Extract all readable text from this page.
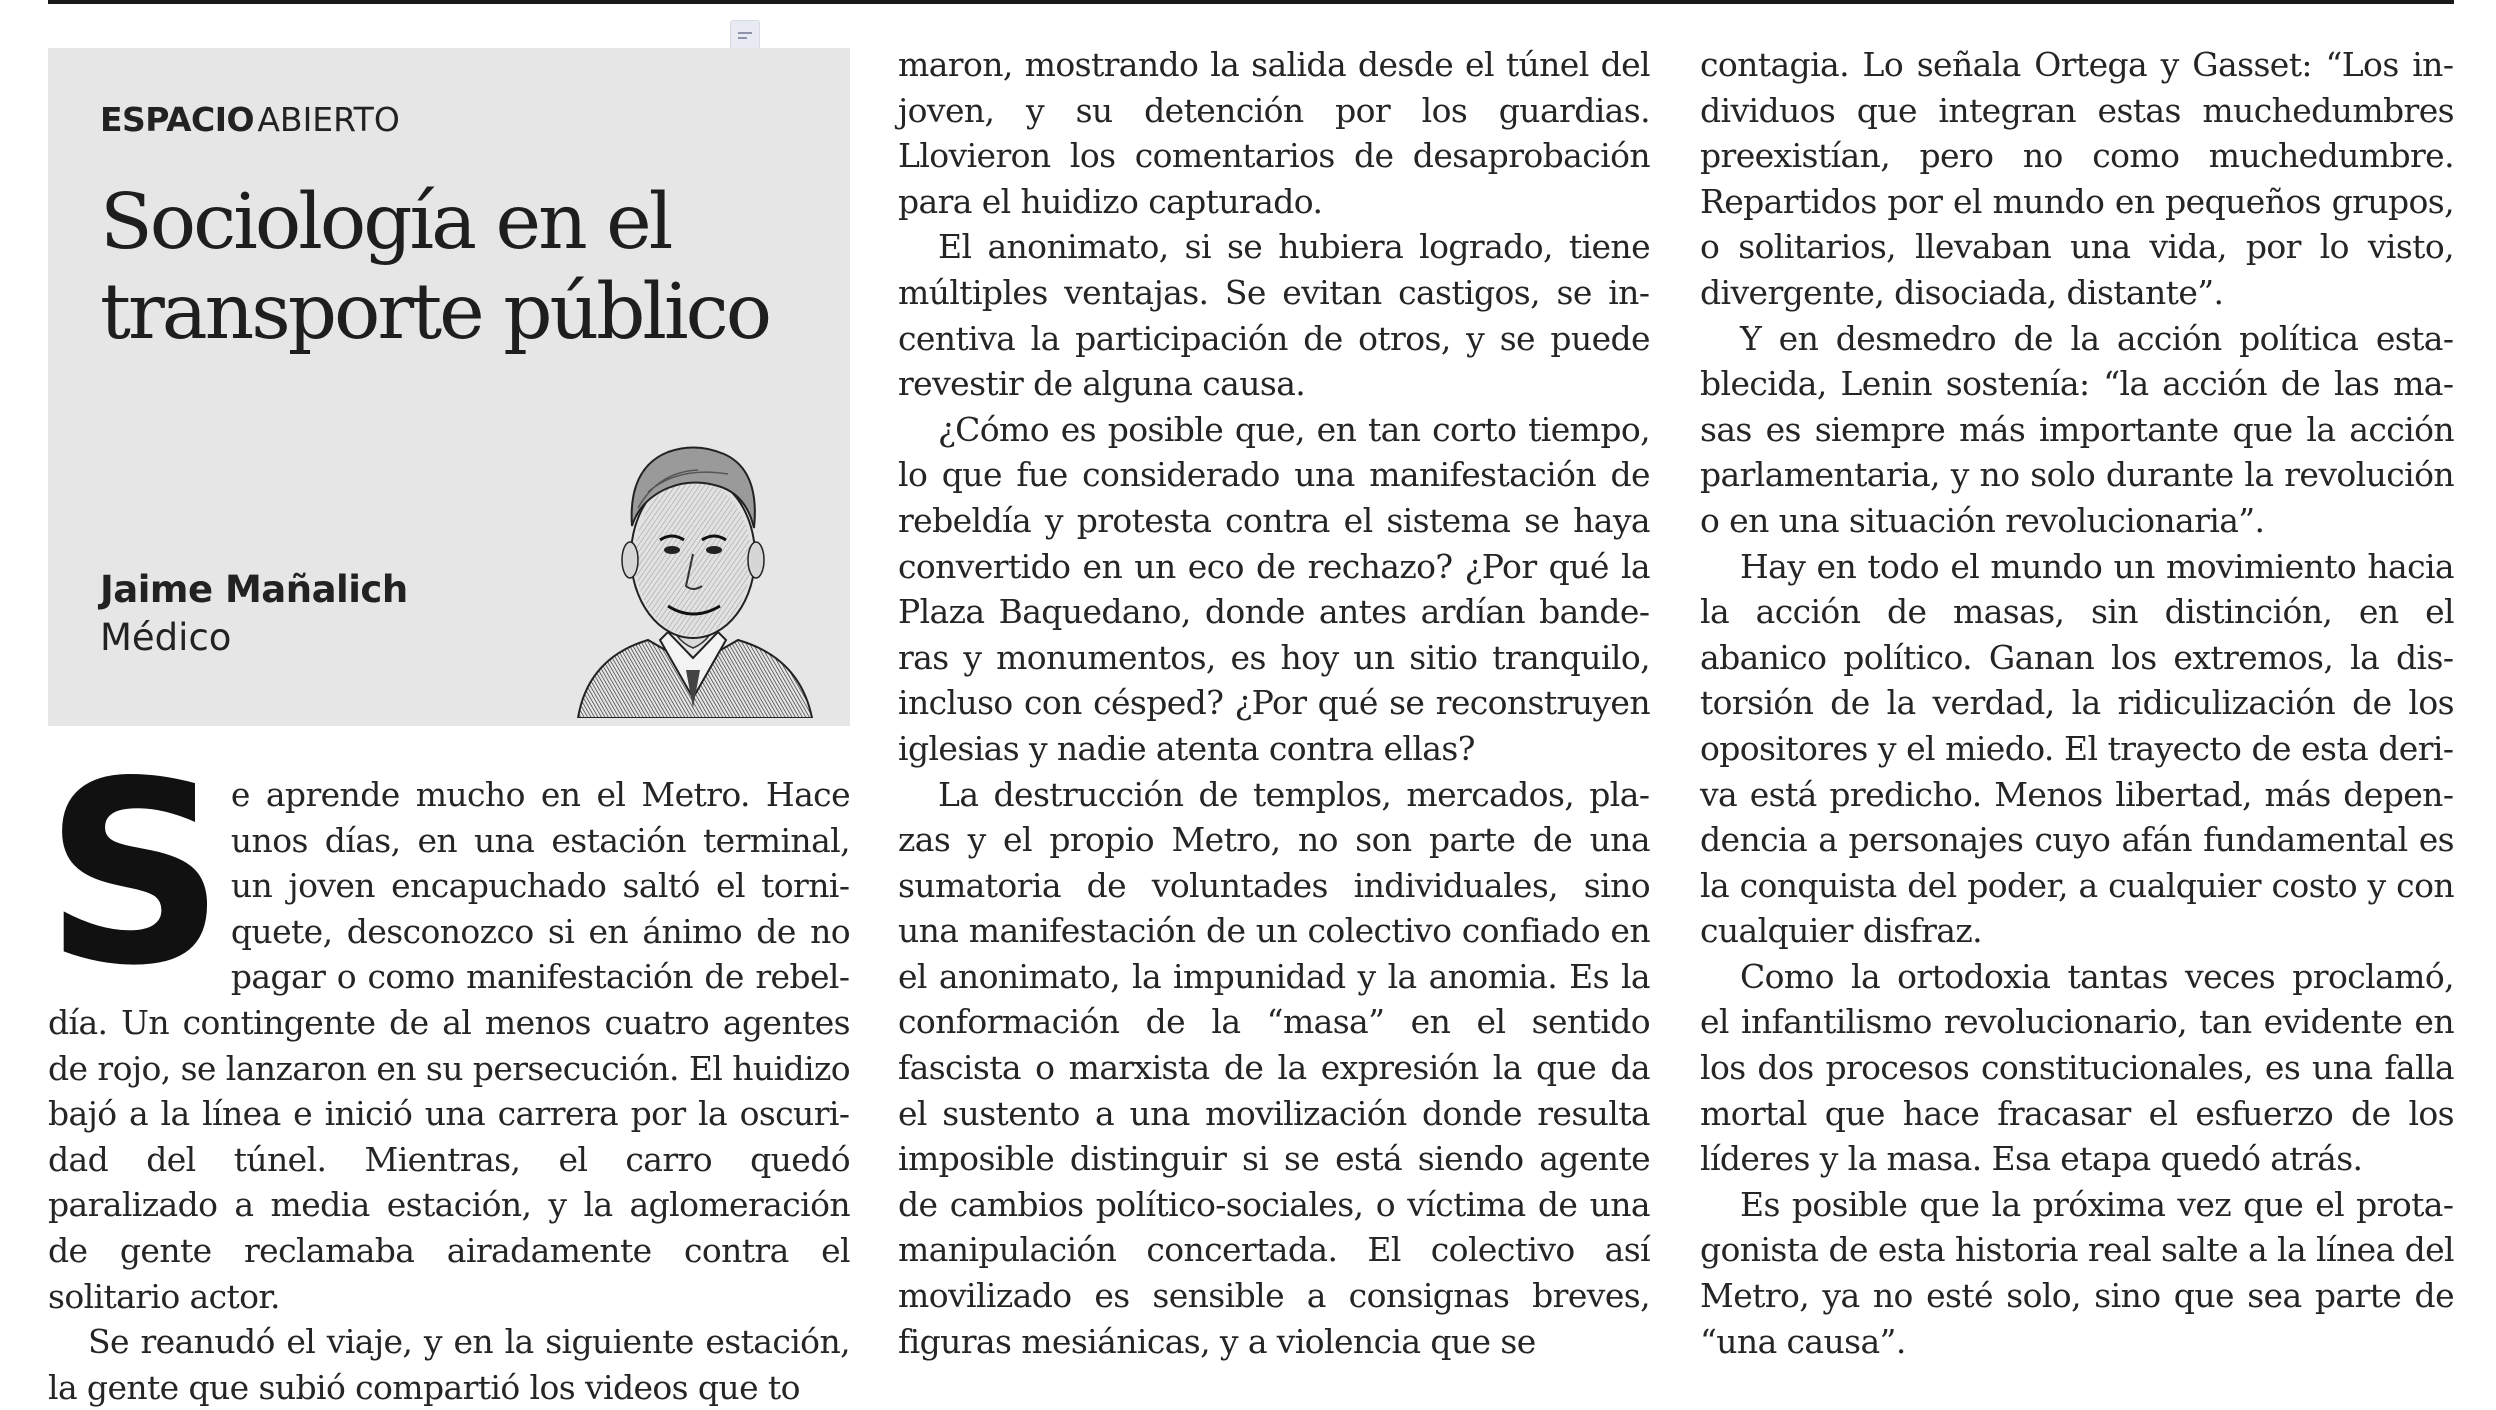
ESPACIO ABIERTO
Sociología en el transporte público
Jaime Mañalich
Médico

Se aprende mucho en el Metro. Hace unos días, en una estación terminal, un joven encapuchado saltó el torniquete, desconozco si en ánimo de no pagar o como manifestación de rebeldía. Un contingente de al menos cuatro agentes de rojo, se lanzaron en su persecución. El huidizo bajó a la línea e inició una carrera por la oscuridad del túnel. Mientras, el carro quedó paralizado a media estación, y la aglomeración de gente reclamaba airadamente contra el solitario actor.

Se reanudó el viaje, y en la siguiente estación, la gente que subió compartió los videos que to

maron, mostrando la salida desde el túnel del joven, y su detención por los guardias. Llovieron los comentarios de desaprobación para el huidizo capturado.

El anonimato, si se hubiera logrado, tiene múltiples ventajas. Se evitan castigos, se incentiva la participación de otros, y se puede revestir de alguna causa.

¿Cómo es posible que, en tan corto tiempo, lo que fue considerado una manifestación de rebeldía y protesta contra el sistema se haya convertido en un eco de rechazo? ¿Por qué la Plaza Baquedano, donde antes ardían banderas y monumentos, es hoy un sitio tranquilo, incluso con césped? ¿Por qué se reconstruyen iglesias y nadie atenta contra ellas?

La destrucción de templos, mercados, plazas y el propio Metro, no son parte de una sumatoria de voluntades individuales, sino una manifestación de un colectivo confiado en el anonimato, la impunidad y la anomia. Es la conformación de la “masa” en el sentido fascista o marxista de la expresión la que da el sustento a una movilización donde resulta imposible distinguir si se está siendo agente de cambios político-sociales, o víctima de una manipulación concertada. El colectivo así movilizado es sensible a consignas breves, figuras mesiánicas, y a violencia que se

contagia. Lo señala Ortega y Gasset: “Los individuos que integran estas muchedumbres preexistían, pero no como muchedumbre. Repartidos por el mundo en pequeños grupos, o solitarios, llevaban una vida, por lo visto, divergente, disociada, distante”.

Y en desmedro de la acción política establecida, Lenin sostenía: “la acción de las masas es siempre más importante que la acción parlamentaria, y no solo durante la revolución o en una situación revolucionaria”.

Hay en todo el mundo un movimiento hacia la acción de masas, sin distinción, en el abanico político. Ganan los extremos, la distorsión de la verdad, la ridiculización de los opositores y el miedo. El trayecto de esta deriva está predicho. Menos libertad, más dependencia a personajes cuyo afán fundamental es la conquista del poder, a cualquier costo y con cualquier disfraz.

Como la ortodoxia tantas veces proclamó, el infantilismo revolucionario, tan evidente en los dos procesos constitucionales, es una falla mortal que hace fracasar el esfuerzo de los líderes y la masa. Esa etapa quedó atrás.

Es posible que la próxima vez que el protagonista de esta historia real salte a la línea del Metro, ya no esté solo, sino que sea parte de “una causa”.
